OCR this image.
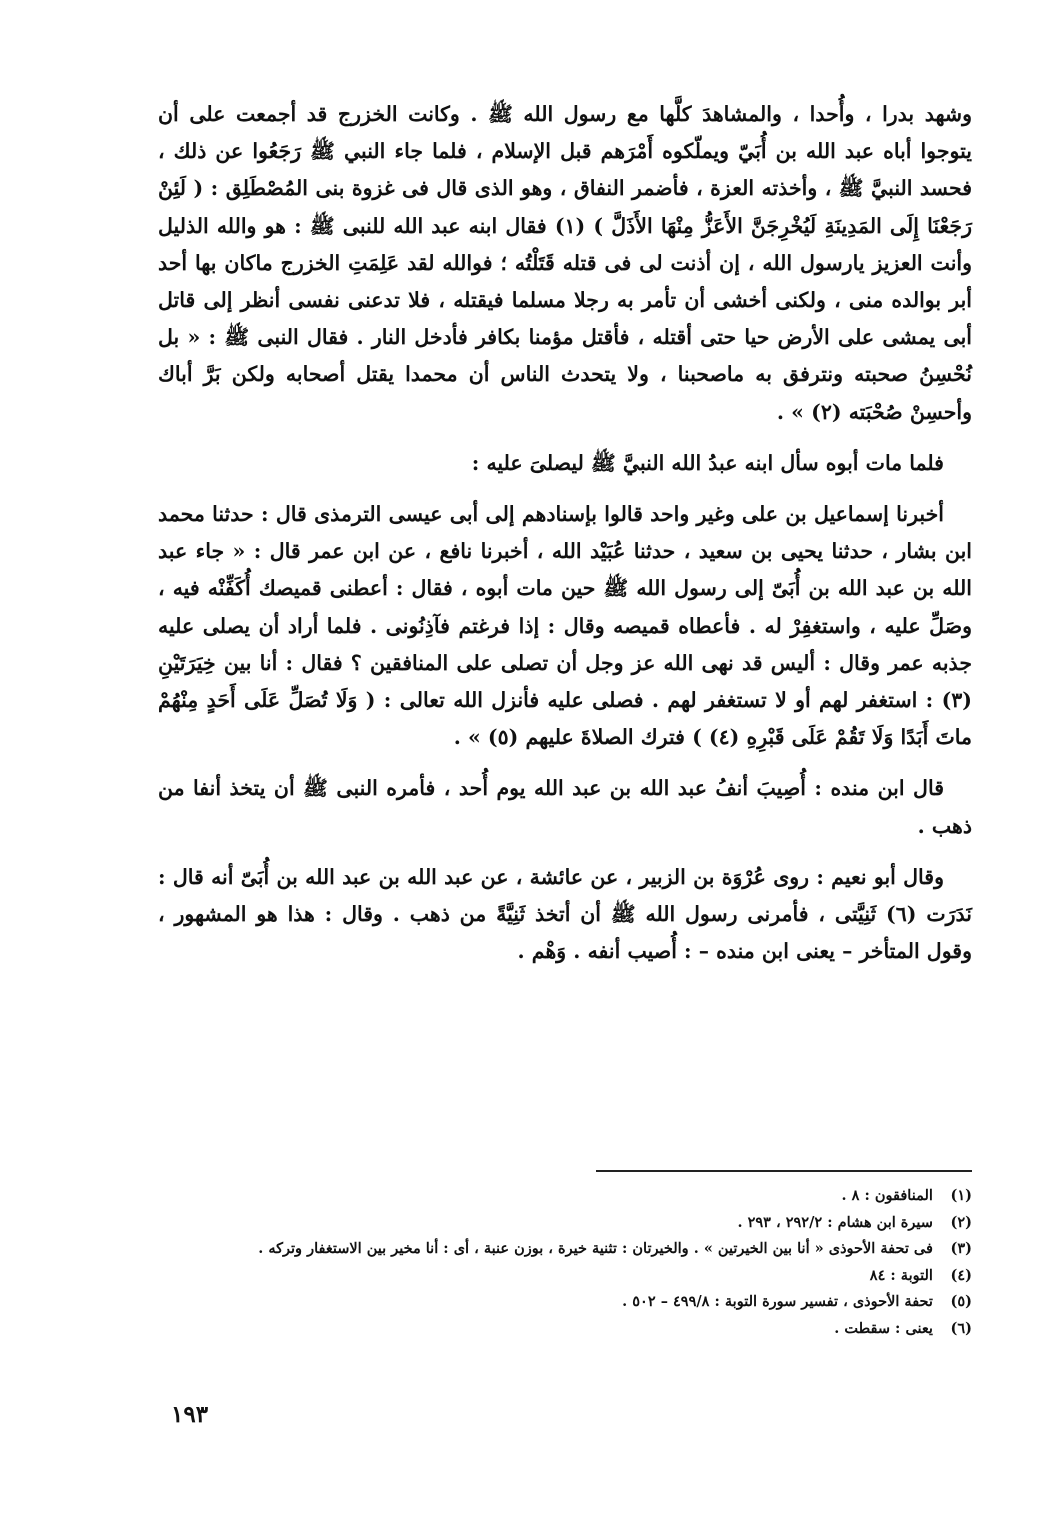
وشهد بدرا ، وأُحدا ، والمشاهدَ كلَّها مع رسول الله ﷺ . وكانت الخزرج قد أجمعت على أن يتوجوا أباه عبد الله بن أُبَيّ ويملّكوه أَمْرَهم قبل الإسلام ، فلما جاء النبي ﷺ رَجَعُوا عن ذلك ، فحسد النبيَّ ﷺ ، وأخذته العزة ، فأضمر النفاق ، وهو الذى قال فى غزوة بنى المُصْطَلِق : ( لَئِنْ رَجَعْنَا إِلَى المَدِينَةِ لَيُخْرِجَنَّ الأَعَزُّ مِنْهَا الأَذَلَّ ) (١) فقال ابنه عبد الله للنبى ﷺ : هو والله الذليل وأنت العزيز يارسول الله ، إن أذنت لى فى قتله قَتَلْتُه ؛ فوالله لقد عَلِمَتِ الخزرج ماكان بها أحد أبر بوالده منى ، ولكنى أخشى أن تأمر به رجلا مسلما فيقتله ، فلا تدعنى نفسى أنظر إلى قاتل أبى يمشى على الأرض حيا حتى أقتله ، فأقتل مؤمنا بكافر فأدخل النار . فقال النبى ﷺ : « بل نُحْسِنُ صحبته ونترفق به ماصحبنا ، ولا يتحدث الناس أن محمدا يقتل أصحابه ولكن بَرَّ أباك وأحسِنْ صُحْبَته (٢) » .

فلما مات أبوه سأل ابنه عبدُ الله النبيَّ ﷺ ليصلىَ عليه :

أخبرنا إسماعيل بن على وغير واحد قالوا بإسنادهم إلى أبى عيسى الترمذى قال : حدثنا محمد ابن بشار ، حدثنا يحيى بن سعيد ، حدثنا عُبَيْد الله ، أخبرنا نافع ، عن ابن عمر قال : « جاء عبد الله بن عبد الله بن أُبَىّ إلى رسول الله ﷺ حين مات أبوه ، فقال : أعطنى قميصك أُكَفِّنْه فيه ، وصَلِّ عليه ، واستغفِرْ له . فأعطاه قميصه وقال : إذا فرغتم فآذِنُونى . فلما أراد أن يصلى عليه جذبه عمر وقال : أليس قد نهى الله عز وجل أن تصلى على المنافقين ؟ فقال : أنا بين خِيَرَتَيْنِ (٣) : استغفر لهم أو لا تستغفر لهم . فصلى عليه فأنزل الله تعالى : ( وَلَا تُصَلِّ عَلَى أَحَدٍ مِنْهُمْ ماتَ أَبَدًا وَلَا تَقُمْ عَلَى قَبْرِهِ (٤) ) فترك الصلاةَ عليهم (٥) » .

قال ابن منده : أُصِيبَ أنفُ عبد الله بن عبد الله يوم أُحد ، فأمره النبى ﷺ أن يتخذ أنفا من ذهب .

وقال أبو نعيم : روى عُرْوَة بن الزبير ، عن عائشة ، عن عبد الله بن عبد الله بن أُبَىّ أنه قال : نَدَرَت (٦) ثَنِيَّتى ، فأمرنى رسول الله ﷺ أن أتخذ ثَنِيَّةً من ذهب . وقال : هذا هو المشهور ، وقول المتأخر – يعنى ابن منده – : أُصيب أنفه . وَهْم .

(١) المنافقون : ٨ .
(٢) سيرة ابن هشام : ٢٩٢/٢ ، ٢٩٣ .
(٣) فى تحفة الأحوذى « أنا بين الخيرتين » . والخيرتان : تثنية خيرة ، بوزن عنبة ، أى : أنا مخير بين الاستغفار وتركه .
(٤) التوبة : ٨٤
(٥) تحفة الأحوذى ، تفسير سورة التوبة : ٤٩٩/٨ – ٥٠٢ .
(٦) يعنى : سقطت .
١٩٣
